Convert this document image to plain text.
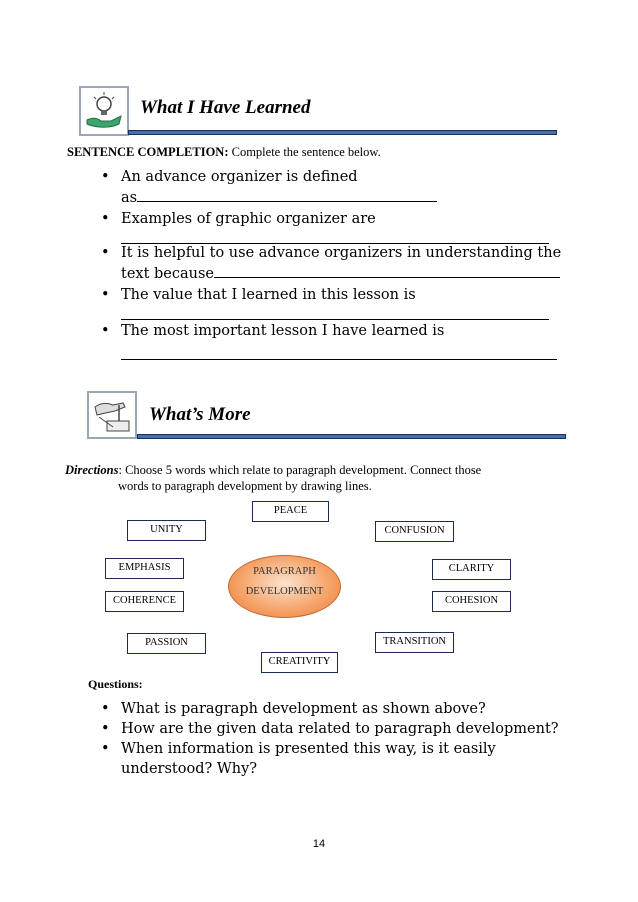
What I Have Learned
SENTENCE COMPLETION: Complete the sentence below.
• An advance organizer is defined
as
• Examples of graphic organizer are

• It is helpful to use advance organizers in understanding the
text because
• The value that I learned in this lesson is

• The most important lesson I have learned is

What’s More
Directions: Choose 5 words which relate to paragraph development. Connect those
words to paragraph development by drawing lines.
PEACE
UNITY	CONFUSION
EMPHASIS	CLARITY
COHERENCE	COHESION
PASSION	TRANSITION
CREATIVITY
PARAGRAPH
DEVELOPMENT
Questions:
• What is paragraph development as shown above?
• How are the given data related to paragraph development?
• When information is presented this way, is it easily
understood? Why?
14
